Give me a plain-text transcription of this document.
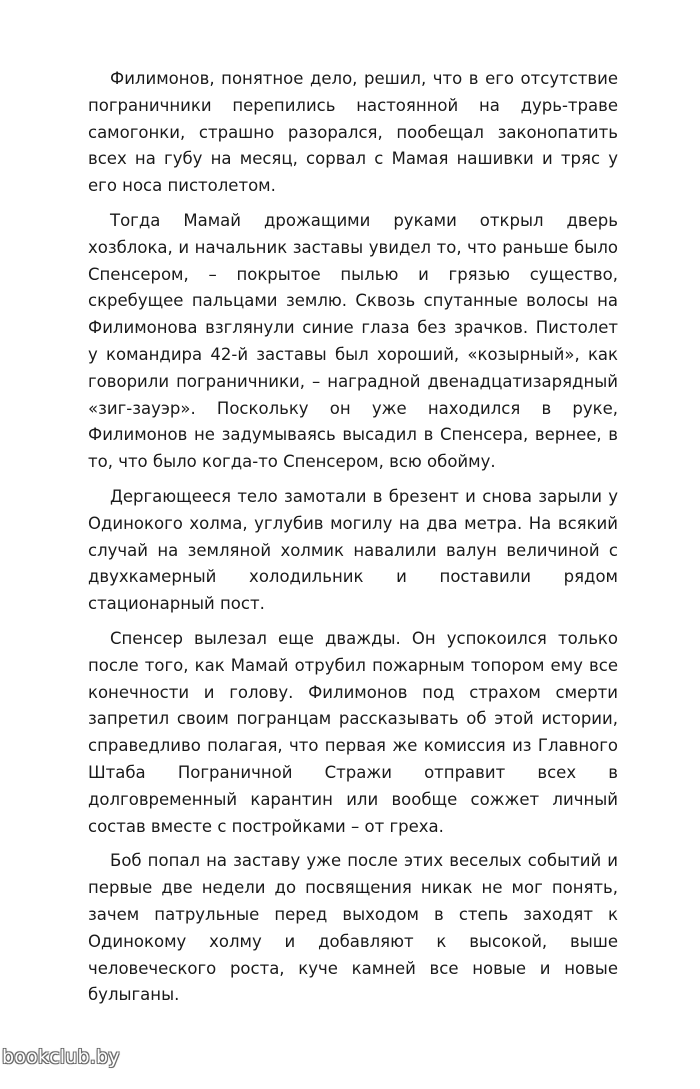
Филимонов, понятное дело, решил, что в его отсутствие пограничники перепились настоянной на дурь-траве самогонки, страшно разорался, пообещал законопатить всех на губу на месяц, сорвал с Мамая нашивки и тряс у его носа пистолетом.

Тогда Мамай дрожащими руками открыл дверь хозблока, и начальник заставы увидел то, что раньше было Спенсером, – покрытое пылью и грязью существо, скребущее пальцами землю. Сквозь спутанные волосы на Филимонова взглянули синие глаза без зрачков. Пистолет у командира 42-й заставы был хороший, «козырный», как говорили пограничники, – наградной двенадцатизарядный «зиг-зауэр». Поскольку он уже находился в руке, Филимонов не задумываясь высадил в Спенсера, вернее, в то, что было когда-то Спенсером, всю обойму.

Дергающееся тело замотали в брезент и снова зарыли у Одинокого холма, углубив могилу на два метра. На всякий случай на земляной холмик навалили валун величиной с двухкамерный холодильник и поставили рядом стационарный пост.

Спенсер вылезал еще дважды. Он успокоился только после того, как Мамай отрубил пожарным топором ему все конечности и голову. Филимонов под страхом смерти запретил своим погранцам рассказывать об этой истории, справедливо полагая, что первая же комиссия из Главного Штаба Пограничной Стражи отправит всех в долговременный карантин или вообще сожжет личный состав вместе с постройками – от греха.

Боб попал на заставу уже после этих веселых событий и первые две недели до посвящения никак не мог понять, зачем патрульные перед выходом в степь заходят к Одинокому холму и добавляют к высокой, выше человеческого роста, куче камней все новые и новые булыганы.

bookclub.by
